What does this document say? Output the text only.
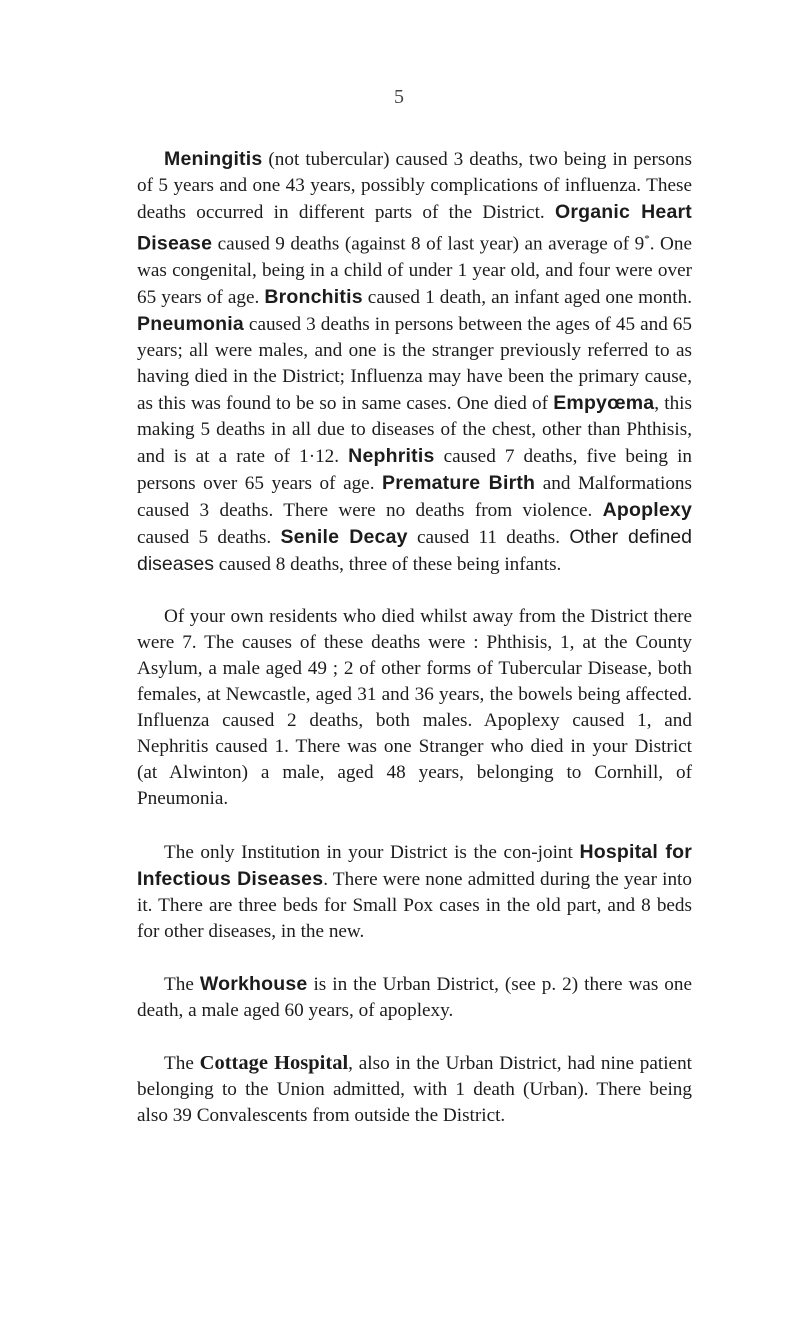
5

Meningitis (not tubercular) caused 3 deaths, two being in persons of 5 years and one 43 years, possibly complications of influenza. These deaths occurred in different parts of the District. Organic Heart Disease caused 9 deaths (against 8 of last year) an average of 9*. One was congenital, being in a child of under 1 year old, and four were over 65 years of age. Bronchitis caused 1 death, an infant aged one month. Pneumonia caused 3 deaths in persons between the ages of 45 and 65 years; all were males, and one is the stranger previously referred to as having died in the District; Influenza may have been the primary cause, as this was found to be so in same cases. One died of Empyœma, this making 5 deaths in all due to diseases of the chest, other than Phthisis, and is at a rate of 1·12. Nephritis caused 7 deaths, five being in persons over 65 years of age. Premature Birth and Malformations caused 3 deaths. There were no deaths from violence. Apoplexy caused 5 deaths. Senile Decay caused 11 deaths. Other defined diseases caused 8 deaths, three of these being infants.

Of your own residents who died whilst away from the District there were 7. The causes of these deaths were : Phthisis, 1, at the County Asylum, a male aged 49 ; 2 of other forms of Tubercular Disease, both females, at Newcastle, aged 31 and 36 years, the bowels being affected. Influenza caused 2 deaths, both males. Apoplexy caused 1, and Nephritis caused 1. There was one Stranger who died in your District (at Alwinton) a male, aged 48 years, belonging to Cornhill, of Pneumonia.

The only Institution in your District is the con-joint Hospital for Infectious Diseases. There were none admitted during the year into it. There are three beds for Small Pox cases in the old part, and 8 beds for other diseases, in the new.

The Workhouse is in the Urban District, (see p. 2) there was one death, a male aged 60 years, of apoplexy.

The Cottage Hospital, also in the Urban District, had nine patient belonging to the Union admitted, with 1 death (Urban). There being also 39 Convalescents from outside the District.
